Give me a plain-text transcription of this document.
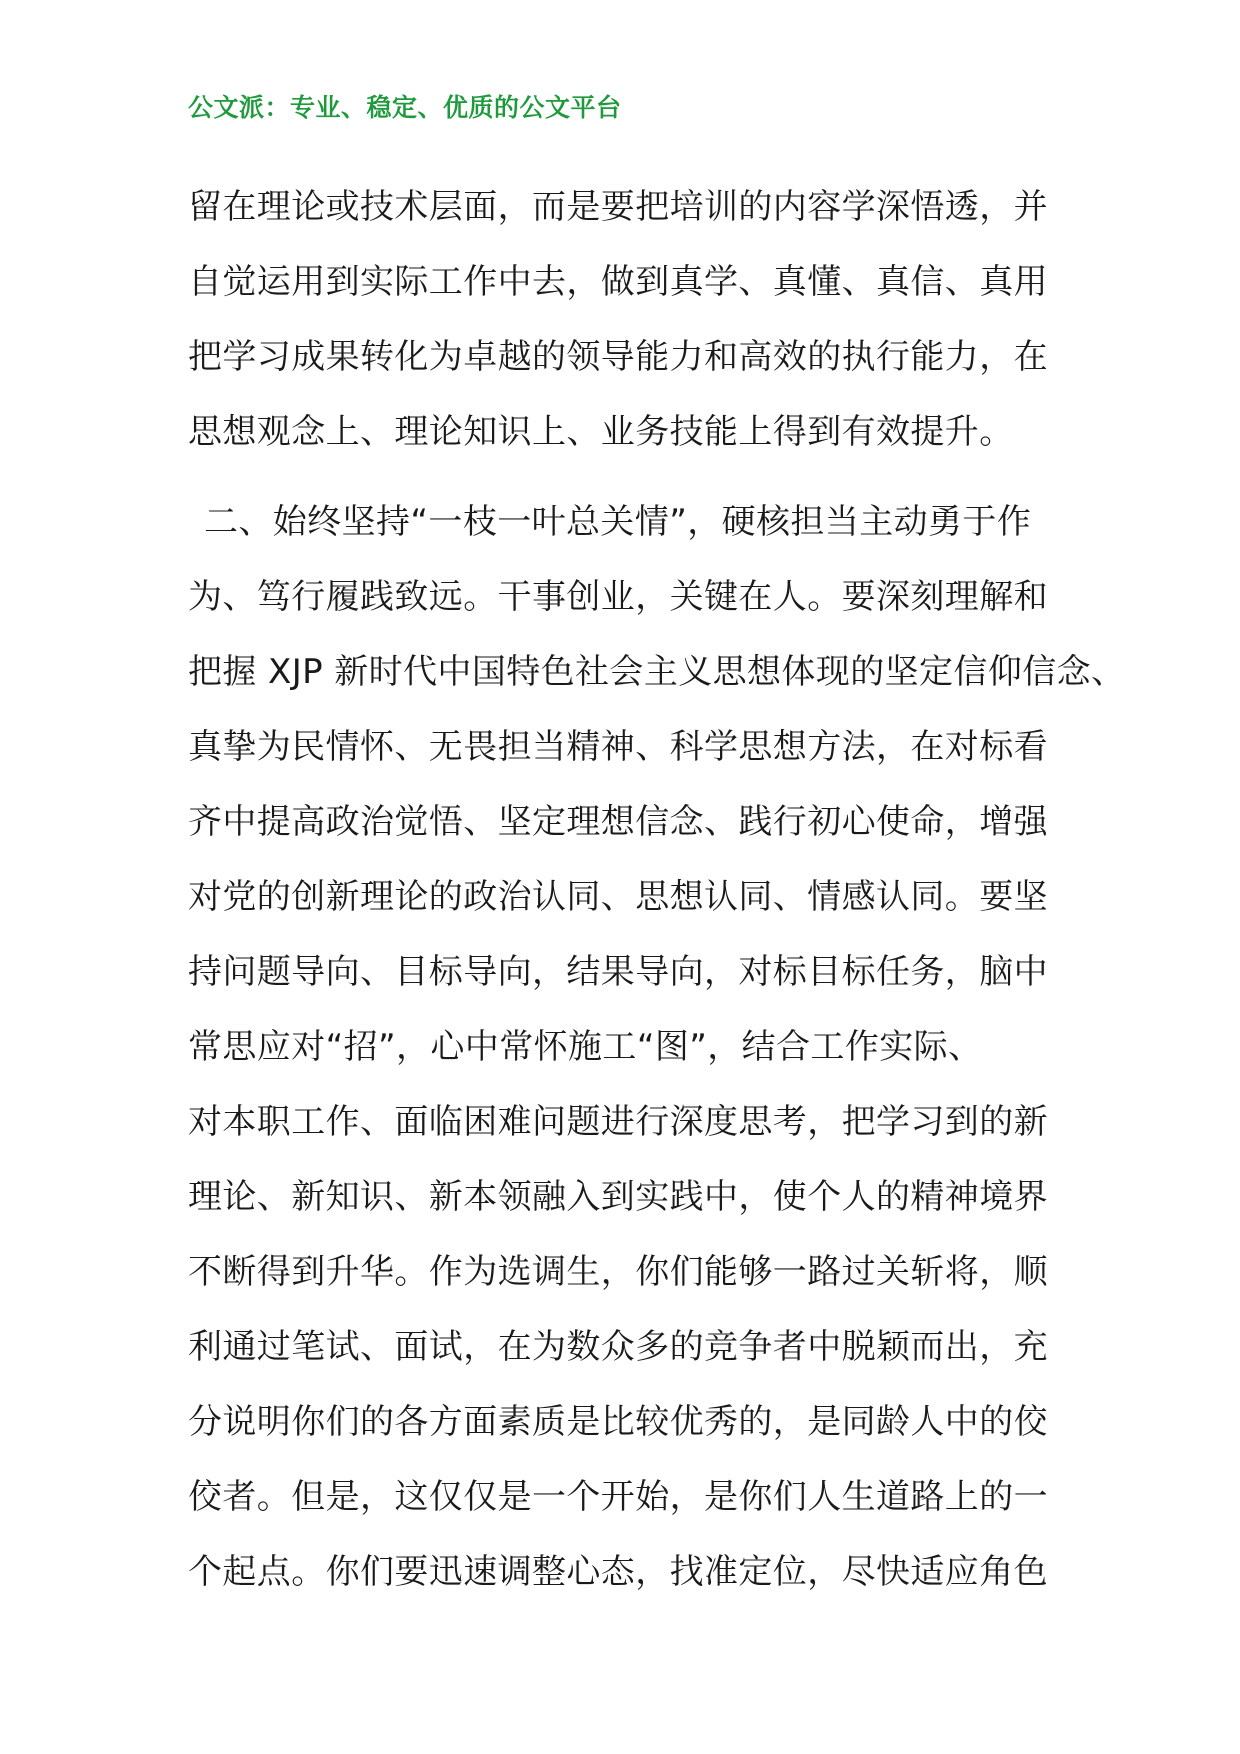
公文派：专业、稳定、优质的公文平台
留在理论或技术层面，而是要把培训的内容学深悟透，并
自觉运用到实际工作中去，做到真学、真懂、真信、真用
把学习成果转化为卓越的领导能力和高效的执行能力，在
思想观念上、理论知识上、业务技能上得到有效提升。
二、始终坚持“一枝一叶总关情”，硬核担当主动勇于作
为、笃行履践致远。干事创业，关键在人。要深刻理解和
把握 XJP 新时代中国特色社会主义思想体现的坚定信仰信念、
真挚为民情怀、无畏担当精神、科学思想方法，在对标看
齐中提高政治觉悟、坚定理想信念、践行初心使命，增强
对党的创新理论的政治认同、思想认同、情感认同。要坚
持问题导向、目标导向，结果导向，对标目标任务，脑中
常思应对“招”，心中常怀施工“图”，结合工作实际、
对本职工作、面临困难问题进行深度思考，把学习到的新
理论、新知识、新本领融入到实践中，使个人的精神境界
不断得到升华。作为选调生，你们能够一路过关斩将，顺
利通过笔试、面试，在为数众多的竞争者中脱颖而出，充
分说明你们的各方面素质是比较优秀的，是同龄人中的佼
佼者。但是，这仅仅是一个开始，是你们人生道路上的一
个起点。你们要迅速调整心态，找准定位，尽快适应角色
